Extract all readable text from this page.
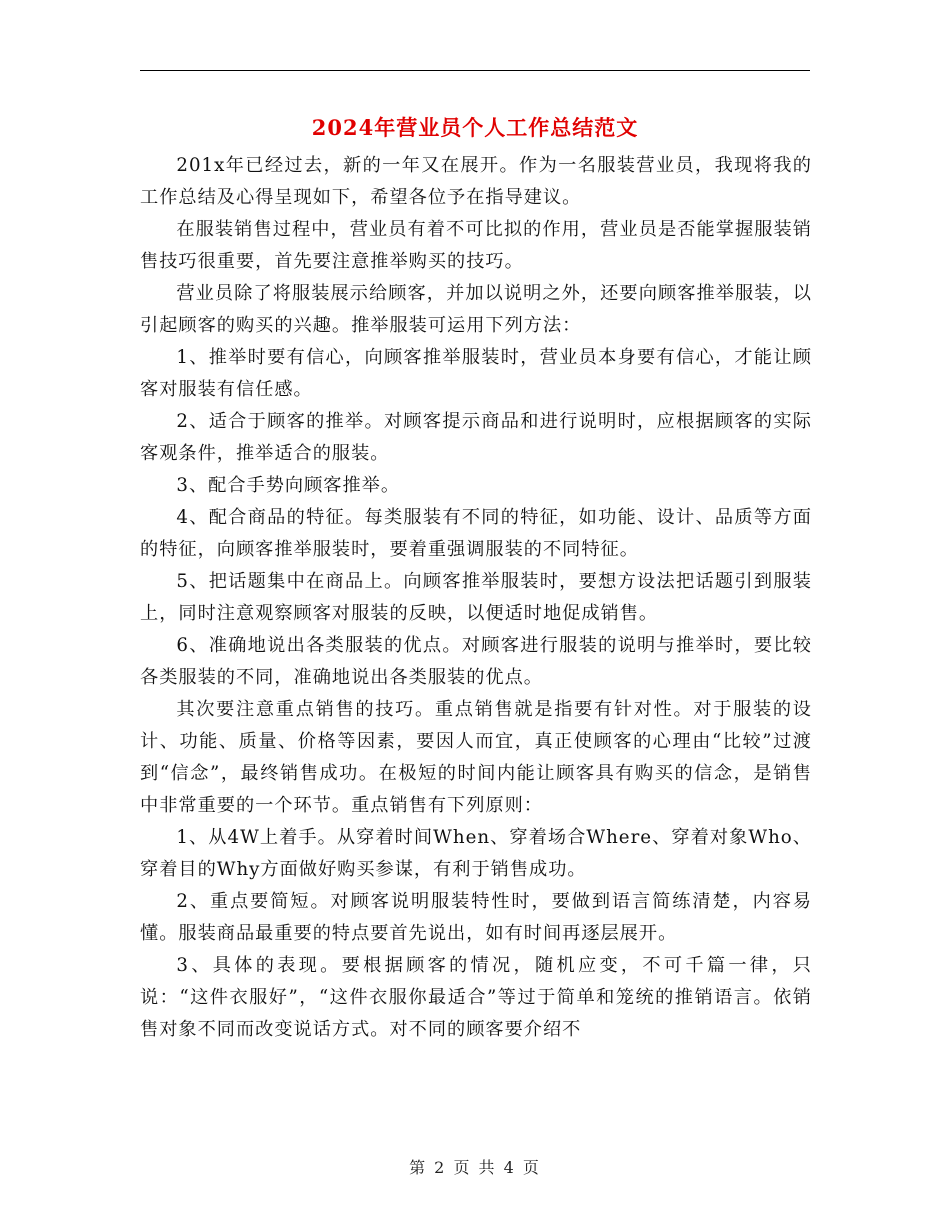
2024年营业员个人工作总结范文

201x年已经过去，新的一年又在展开。作为一名服装营业员，我现将我的工作总结及心得呈现如下，希望各位予在指导建议。

在服装销售过程中，营业员有着不可比拟的作用，营业员是否能掌握服装销售技巧很重要，首先要注意推举购买的技巧。

营业员除了将服装展示给顾客，并加以说明之外，还要向顾客推举服装，以引起顾客的购买的兴趣。推举服装可运用下列方法：

1、推举时要有信心，向顾客推举服装时，营业员本身要有信心，才能让顾客对服装有信任感。

2、适合于顾客的推举。对顾客提示商品和进行说明时，应根据顾客的实际客观条件，推举适合的服装。

3、配合手势向顾客推举。

4、配合商品的特征。每类服装有不同的特征，如功能、设计、品质等方面的特征，向顾客推举服装时，要着重强调服装的不同特征。

5、把话题集中在商品上。向顾客推举服装时，要想方设法把话题引到服装上，同时注意观察顾客对服装的反映，以便适时地促成销售。

6、准确地说出各类服装的优点。对顾客进行服装的说明与推举时，要比较各类服装的不同，准确地说出各类服装的优点。

其次要注意重点销售的技巧。重点销售就是指要有针对性。对于服装的设计、功能、质量、价格等因素，要因人而宜，真正使顾客的心理由“比较”过渡到“信念”，最终销售成功。在极短的时间内能让顾客具有购买的信念，是销售中非常重要的一个环节。重点销售有下列原则：

1、从4W上着手。从穿着时间When、穿着场合Where、穿着对象Who、穿着目的Why方面做好购买参谋，有利于销售成功。

2、重点要简短。对顾客说明服装特性时，要做到语言简练清楚，内容易懂。服装商品最重要的特点要首先说出，如有时间再逐层展开。

3、具体的表现。要根据顾客的情况，随机应变，不可千篇一律，只说：“这件衣服好”，“这件衣服你最适合”等过于简单和笼统的推销语言。依销售对象不同而改变说话方式。对不同的顾客要介绍不

第 2 页 共 4 页
